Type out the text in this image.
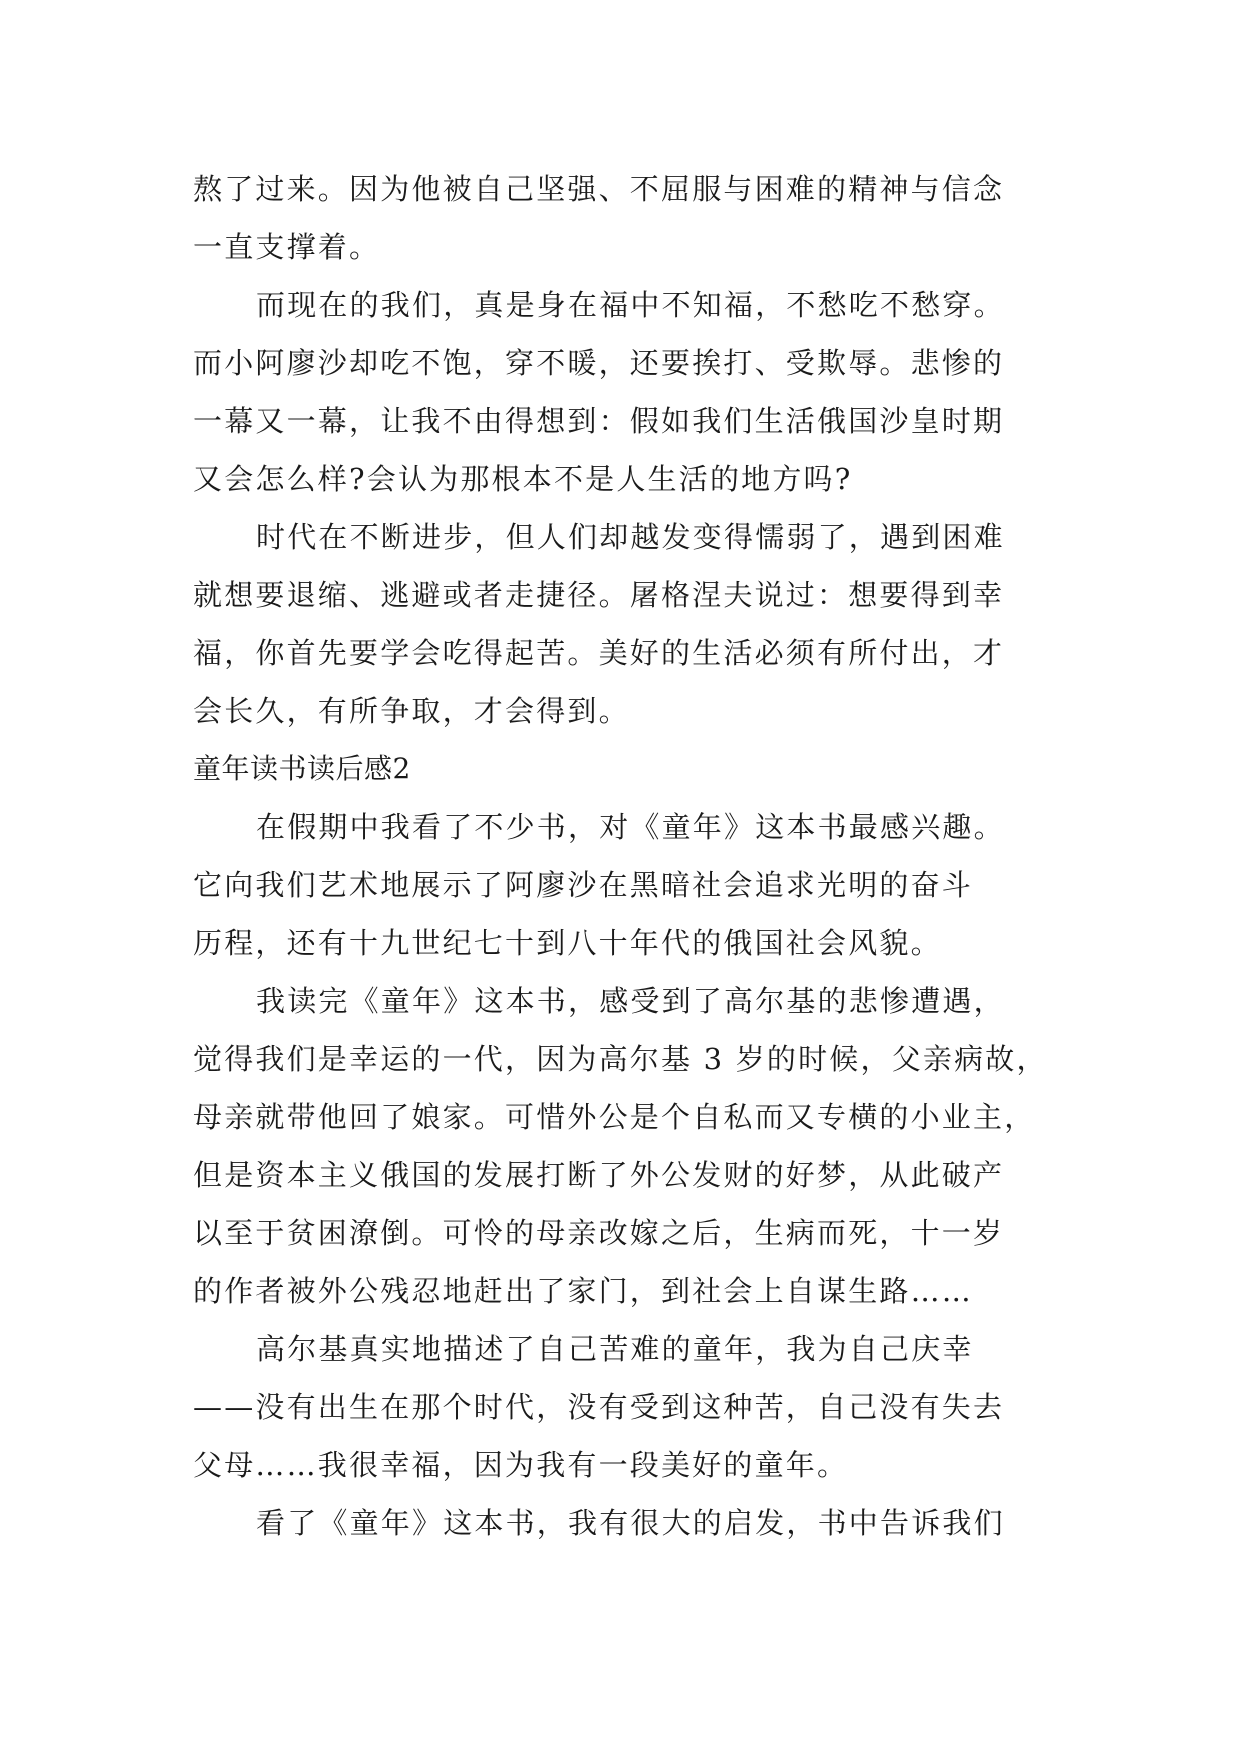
熬了过来。因为他被自己坚强、不屈服与困难的精神与信念
一直支撑着。
而现在的我们，真是身在福中不知福，不愁吃不愁穿。
而小阿廖沙却吃不饱，穿不暖，还要挨打、受欺辱。悲惨的
一幕又一幕，让我不由得想到：假如我们生活俄国沙皇时期
又会怎么样?会认为那根本不是人生活的地方吗?
时代在不断进步，但人们却越发变得懦弱了，遇到困难
就想要退缩、逃避或者走捷径。屠格涅夫说过：想要得到幸
福，你首先要学会吃得起苦。美好的生活必须有所付出，才
会长久，有所争取，才会得到。
童年读书读后感2
在假期中我看了不少书，对《童年》这本书最感兴趣。
它向我们艺术地展示了阿廖沙在黑暗社会追求光明的奋斗
历程，还有十九世纪七十到八十年代的俄国社会风貌。
我读完《童年》这本书，感受到了高尔基的悲惨遭遇，
觉得我们是幸运的一代，因为高尔基 3 岁的时候，父亲病故，
母亲就带他回了娘家。可惜外公是个自私而又专横的小业主，
但是资本主义俄国的发展打断了外公发财的好梦，从此破产
以至于贫困潦倒。可怜的母亲改嫁之后，生病而死，十一岁
的作者被外公残忍地赶出了家门，到社会上自谋生路……
高尔基真实地描述了自己苦难的童年，我为自己庆幸
——没有出生在那个时代，没有受到这种苦，自己没有失去
父母……我很幸福，因为我有一段美好的童年。
看了《童年》这本书，我有很大的启发，书中告诉我们
